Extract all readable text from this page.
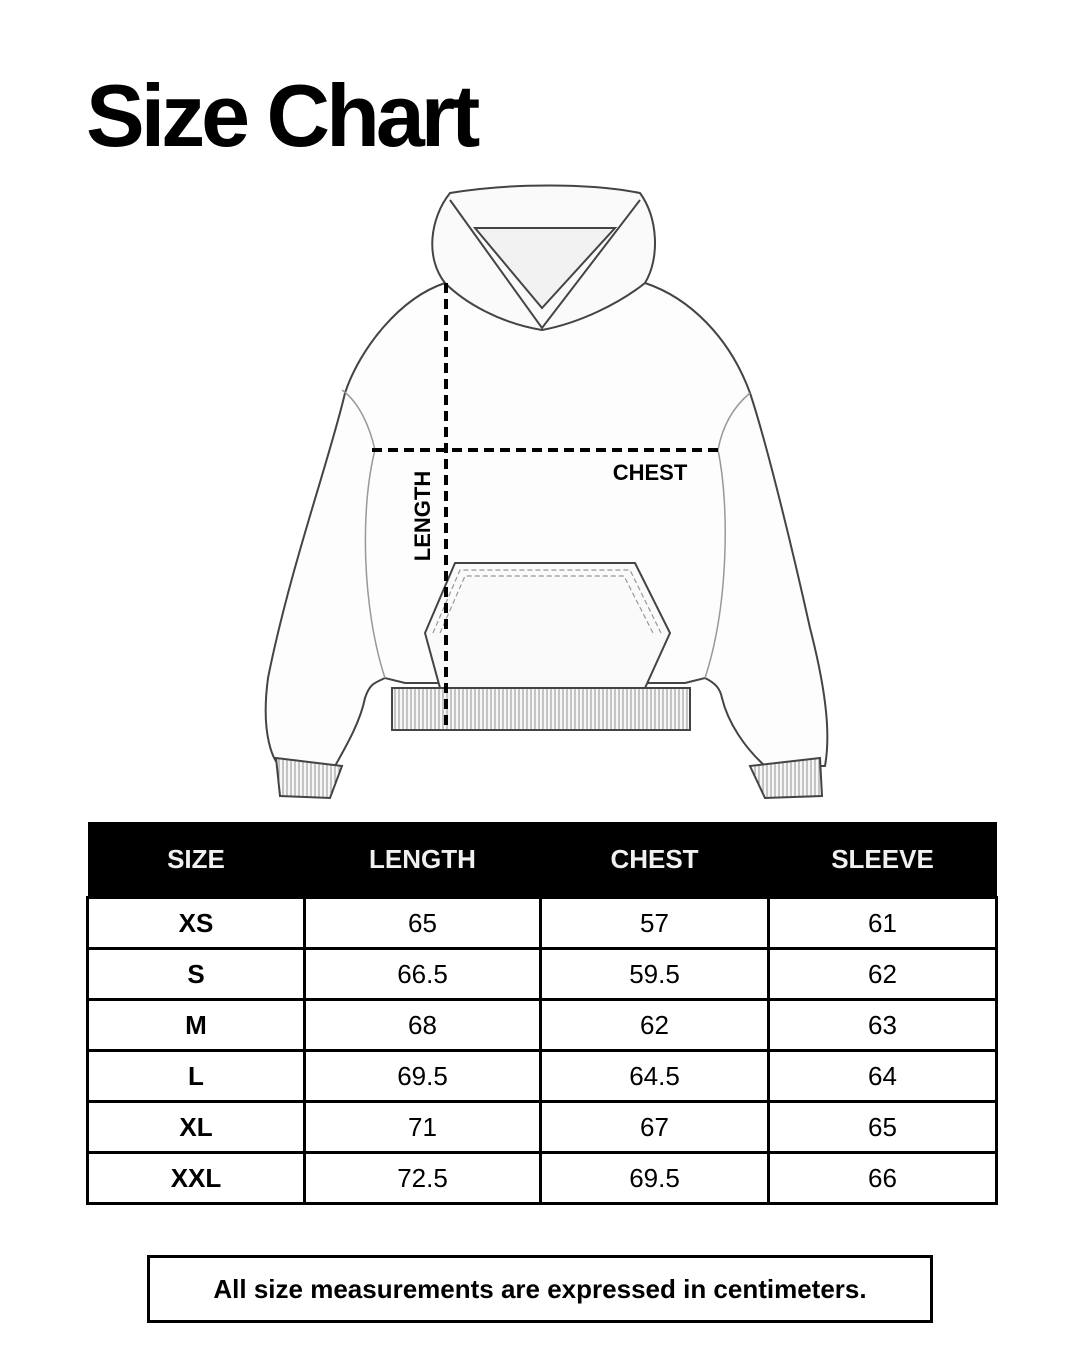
Size Chart
CHEST
LENGTH
SIZE	LENGTH	CHEST	SLEEVE
XS	65	57	61
S	66.5	59.5	62
M	68	62	63
L	69.5	64.5	64
XL	71	67	65
XXL	72.5	69.5	66
All size measurements are expressed in centimeters.
